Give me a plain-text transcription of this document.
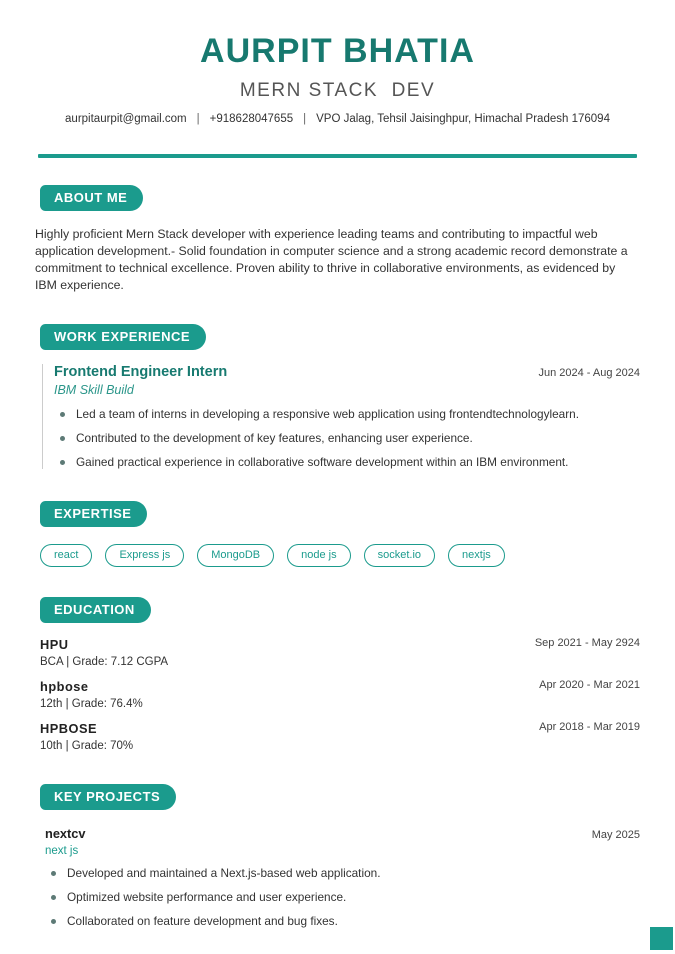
AURPIT BHATIA
MERN STACK  DEV
aurpitaurpit@gmail.com | +918628047655 | VPO Jalag, Tehsil Jaisinghpur, Himachal Pradesh 176094
ABOUT ME
Highly proficient Mern Stack developer with experience leading teams and contributing to impactful web application development.- Solid foundation in computer science and a strong academic record demonstrate a commitment to technical excellence. Proven ability to thrive in collaborative environments, as evidenced by IBM experience.
WORK EXPERIENCE
Frontend Engineer Intern	Jun 2024 - Aug 2024
IBM Skill Build
Led a team of interns in developing a responsive web application using frontendtechnologylearn.
Contributed to the development of key features, enhancing user experience.
Gained practical experience in collaborative software development within an IBM environment.
EXPERTISE
react	Express js	MongoDB	node js	socket.io	nextjs
EDUCATION
HPU
BCA | Grade: 7.12 CGPA
Sep 2021 - May 2924
hpbose
12th | Grade: 76.4%
Apr 2020 - Mar 2021
HPBOSE
10th | Grade: 70%
Apr 2018 - Mar 2019
KEY PROJECTS
nextcv	May 2025
next js
Developed and maintained a Next.js-based web application.
Optimized website performance and user experience.
Collaborated on feature development and bug fixes.
